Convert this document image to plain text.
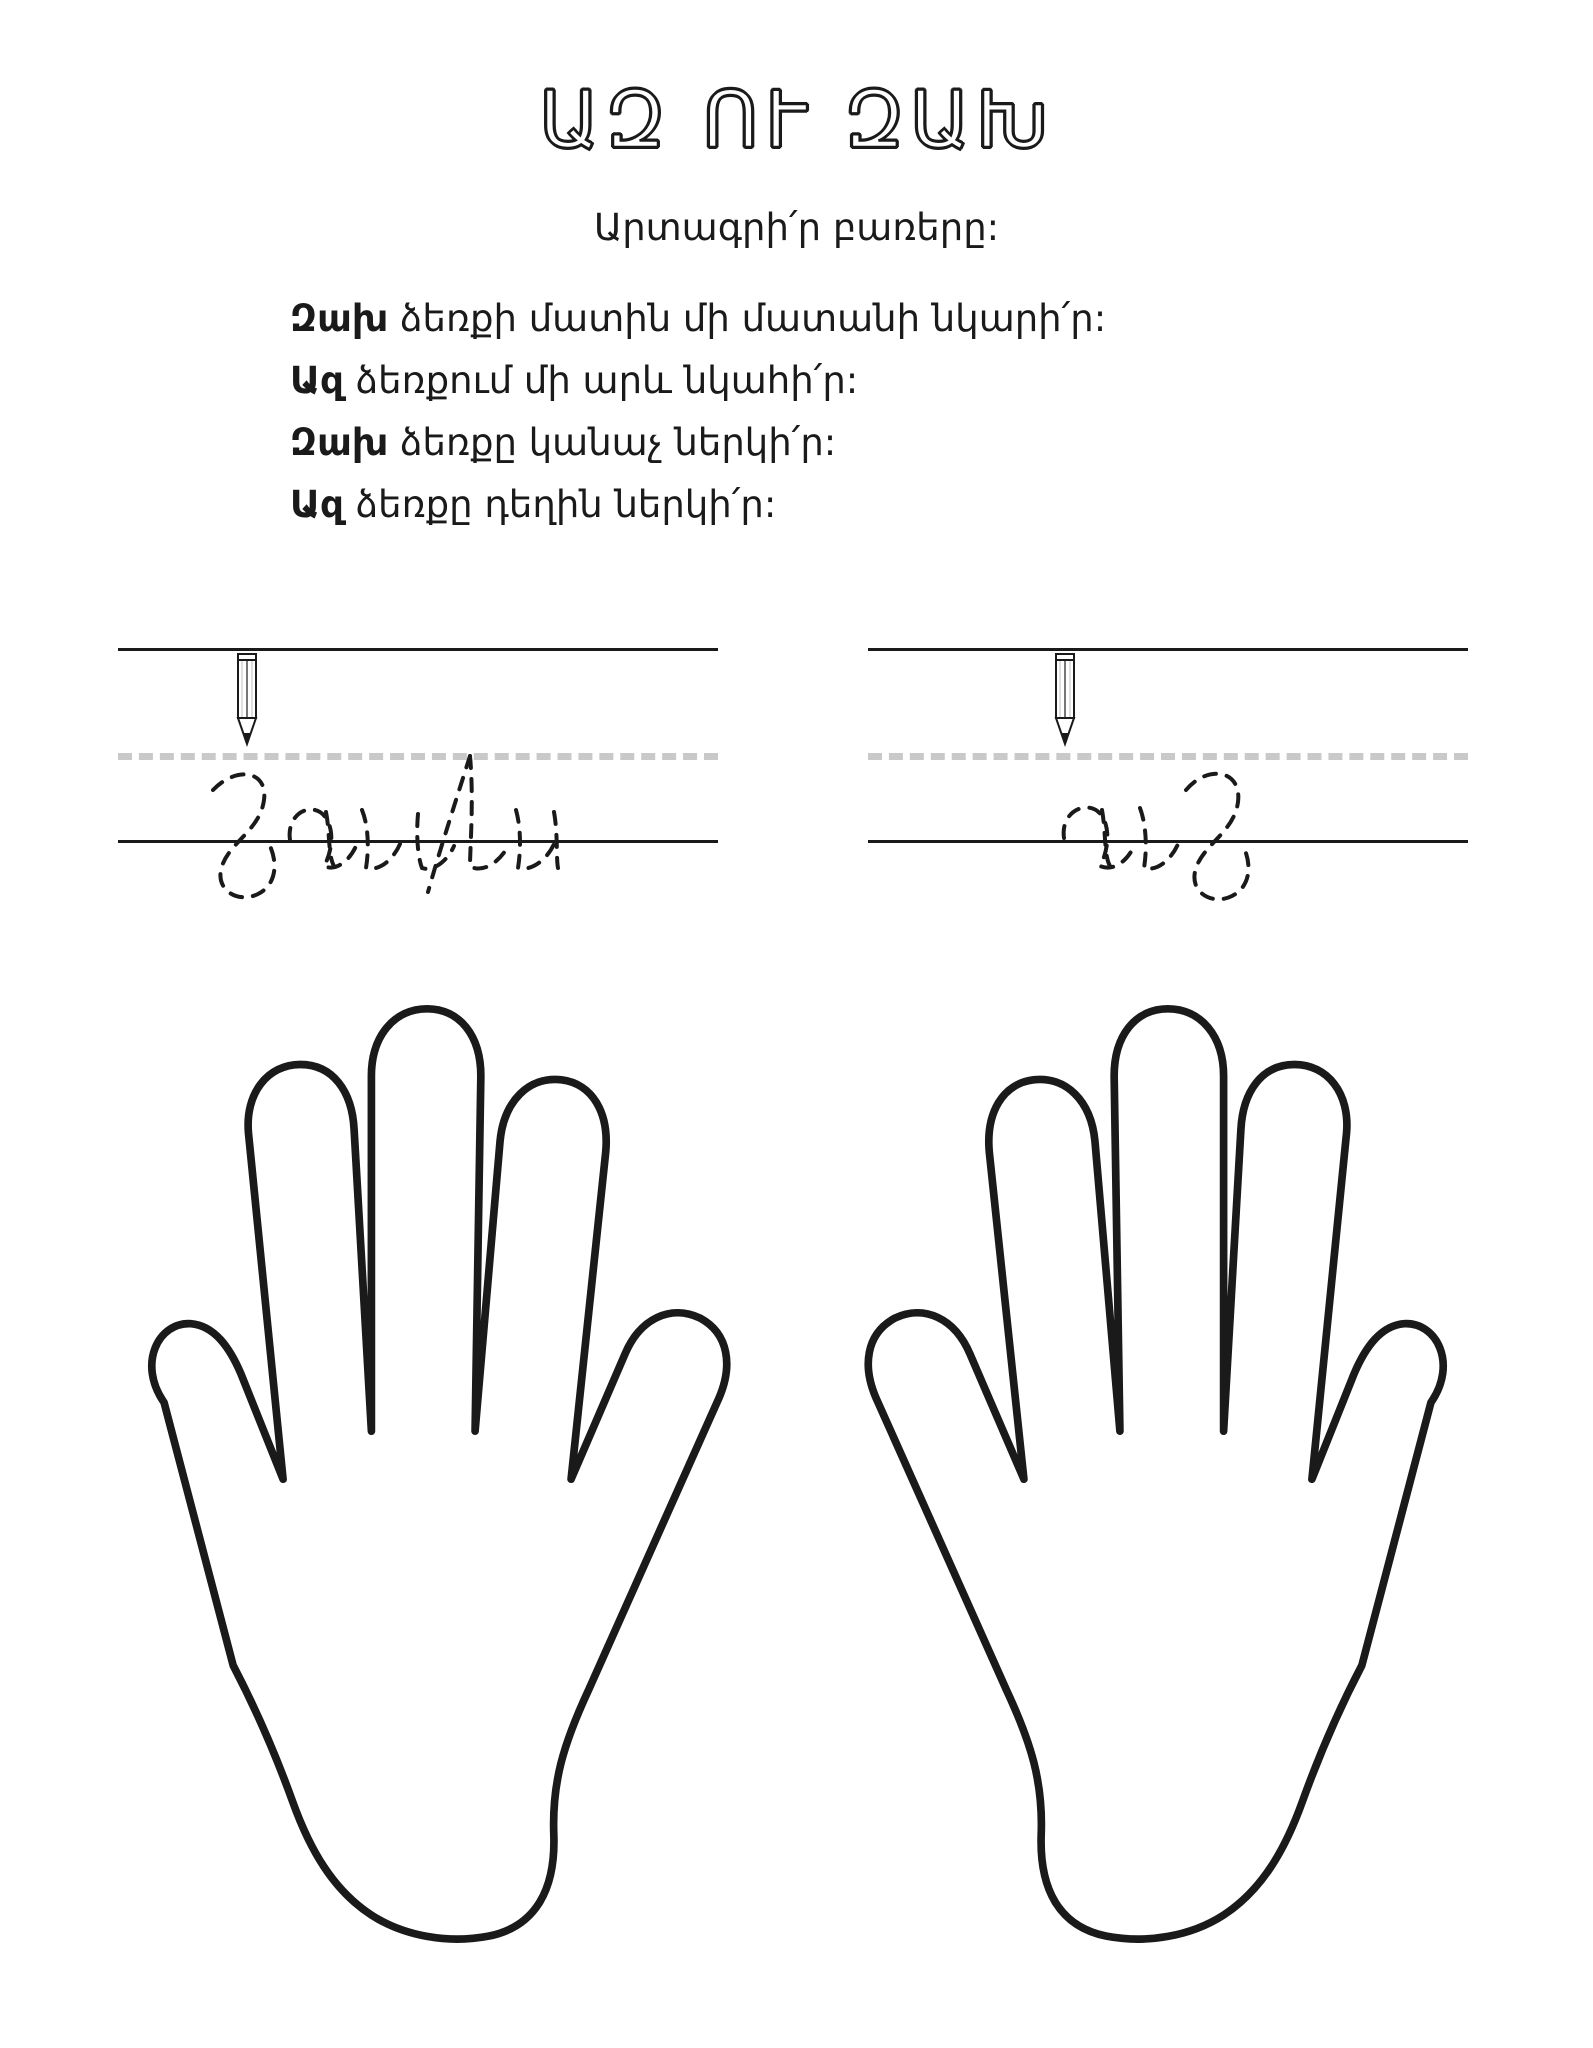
ԱԶ ՈՒ ԶԱԽ
Արտագրի՛ր բառերը:
Զախ ձեռքի մատին մի մատանի նկարի՛ր:
Ազ ձեռքում մի արև նկահի՛ր:
Զախ ձեռքը կանաչ ներկի՛ր:
Ազ ձեռքը դեղին ներկի՛ր:
